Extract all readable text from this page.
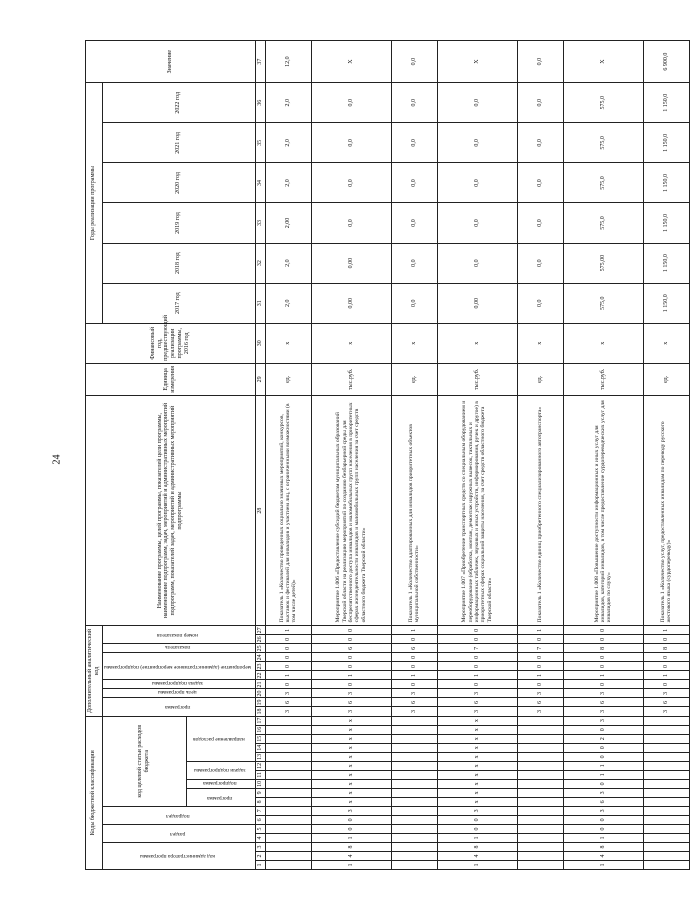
24
Коды бюджетной классификации																	Дополнительный аналитический код										Наименование программы, целей программы, показателей цели программы, наименование подпрограмм, задач, мероприятий и административных мероприятий подпрограмм, показателей задач, мероприятий и административных мероприятий подпрограммы	Единица измерения	Финансовый год, предшествующий реализации программы, 2016 год	Годы реализации программы						Значение
код администратора программы			раздел		подраздел		код целевой статьи расходов бюджета										программа		цель программы	задача подпрограммы	мероприятие (административное мероприятие) подпрограммы			показатель	номер показателя					2017 год	2018 год	2019 год	2020 год	2021 год	2022 год	
							программа		подпрограмма	задачи подпрограммы		направление расходов																								
1	2	3	4	5	6	7	8	9	10	11	12	13	14	15	16	17	18	19	20	21	22	23	24	25	26	27	28	29	30	31	32	33	34	35	36	37
																	3	6	3	0	1	0	0	0	0	1	Показатель 1 «Количество проведенных социально значимых мероприятий, конкурсов, выставок и фестивалей для инвалидов и участием лиц, с ограниченными возможностями (в том числе детей)»	ед.	х	2,0	2,0	2,00	2,0	2,0	2,0	12,0
1	4	8	1	0	0	3	х	х	х	х	х	х	х	х	х	х	3	6	3	0	1	0	0	6	0	0	Мероприятие 1.006 «Предоставление субсидий бюджетам муниципальных образований Тверской области на реализацию мероприятий по созданию безбарьерной среды для беспрепятственного доступа инвалидов и маломобильных групп населения в приоритетных сферах жизнедеятельности инвалидов и маломобильных групп населения за счет средств областного бюджета Тверской области»	тыс.руб.	х	0,00	0,00	0,0	0,0	0,0	0,0	Х
																	3	6	3	0	1	0	0	6	0	1	Показатель 1 «Количество адаптированных для инвалидов приоритетных объектов муниципальной собственности»	ед.	х	0,0	0,0	0,0	0,0	0,0	0,0	0,0
1	4	8	1	0	0	3	х	х	х	х	х	х	х	х	х	х	3	6	3	0	1	0	0	7	0	0	Мероприятие 1.007 «Приобретение транспортных средств со специальным оборудованием и переоборудование (обработка, монтаж, демонтаж наружных вывесок, тактильных и информационных табличек, звуковых и иных устройств, информирования, ручек и другое) в приоритетных сферах социальной защиты населения, за счет средств областного бюджета Тверской области»	тыс.руб.	х	0,00	0,0	0,0	0,0	0,0	0,0	Х
																	3	6	3	0	1	0	0	7	0	1	Показатель 1 «Количество единиц приобретенного специализированного автотранспорта»	ед.	х	0,0	0,0	0,0	0,0	0,0	0,0	0,0
1	4	8	1	0	0	3	6	3	0	1	1	0	0	2	0	3	3	6	3	0	1	0	0	8	0	0	Мероприятие 1.008 «Повышение доступности информационных и иных услуг для инвалидов, категорий инвалидов, в том числе предоставление сурдопереводческих услуг для инвалидов по слуху»	тыс.руб.	х	575,0	575,00	575,0	575,0	575,0	575,0	Х
																	3	6	3	0	1	0	0	8	0	1	Показатель 1 «Количество услуг, предоставленных инвалидам по переводу русского жестового языка (сурдопереводу)»	ед.	х	1 150,0	1 150,0	1 150,0	1 150,0	1 150,0	1 150,0	6 900,0
